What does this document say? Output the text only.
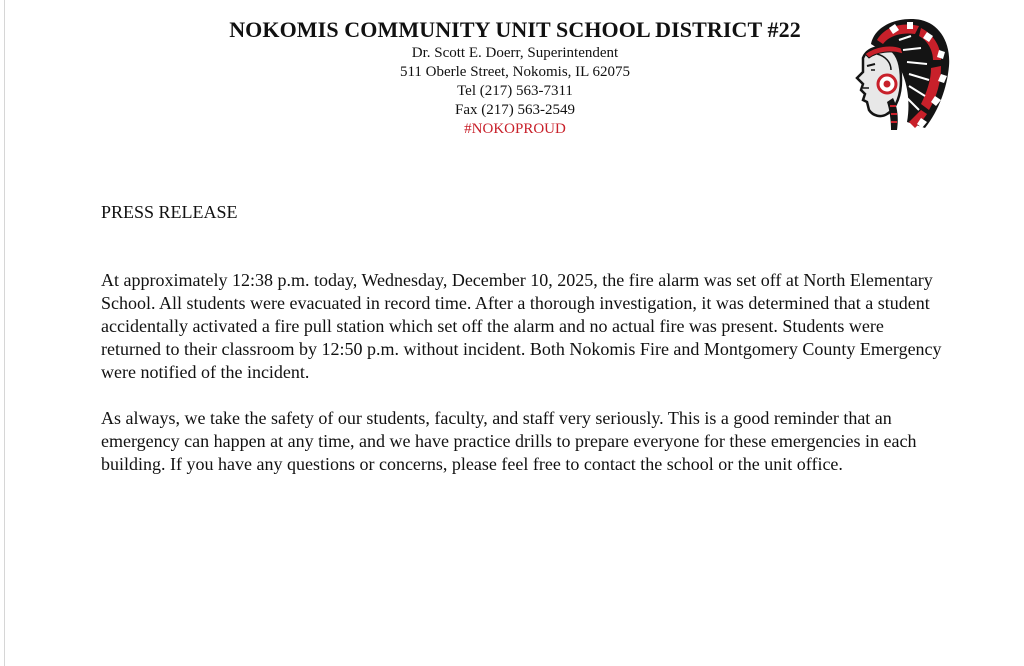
NOKOMIS COMMUNITY UNIT SCHOOL DISTRICT #22
Dr. Scott E. Doerr, Superintendent
511 Oberle Street, Nokomis, IL 62075
Tel (217) 563-7311
Fax (217) 563-2549
#NOKOPROUD
PRESS RELEASE

At approximately 12:38 p.m. today, Wednesday, December 10, 2025, the fire alarm was set off at North Elementary School. All students were evacuated in record time. After a thorough investigation, it was determined that a student accidentally activated a fire pull station which set off the alarm and no actual fire was present. Students were returned to their classroom by 12:50 p.m. without incident. Both Nokomis Fire and Montgomery County Emergency were notified of the incident.

As always, we take the safety of our students, faculty, and staff very seriously. This is a good reminder that an emergency can happen at any time, and we have practice drills to prepare everyone for these emergencies in each building. If you have any questions or concerns, please feel free to contact the school or the unit office.
